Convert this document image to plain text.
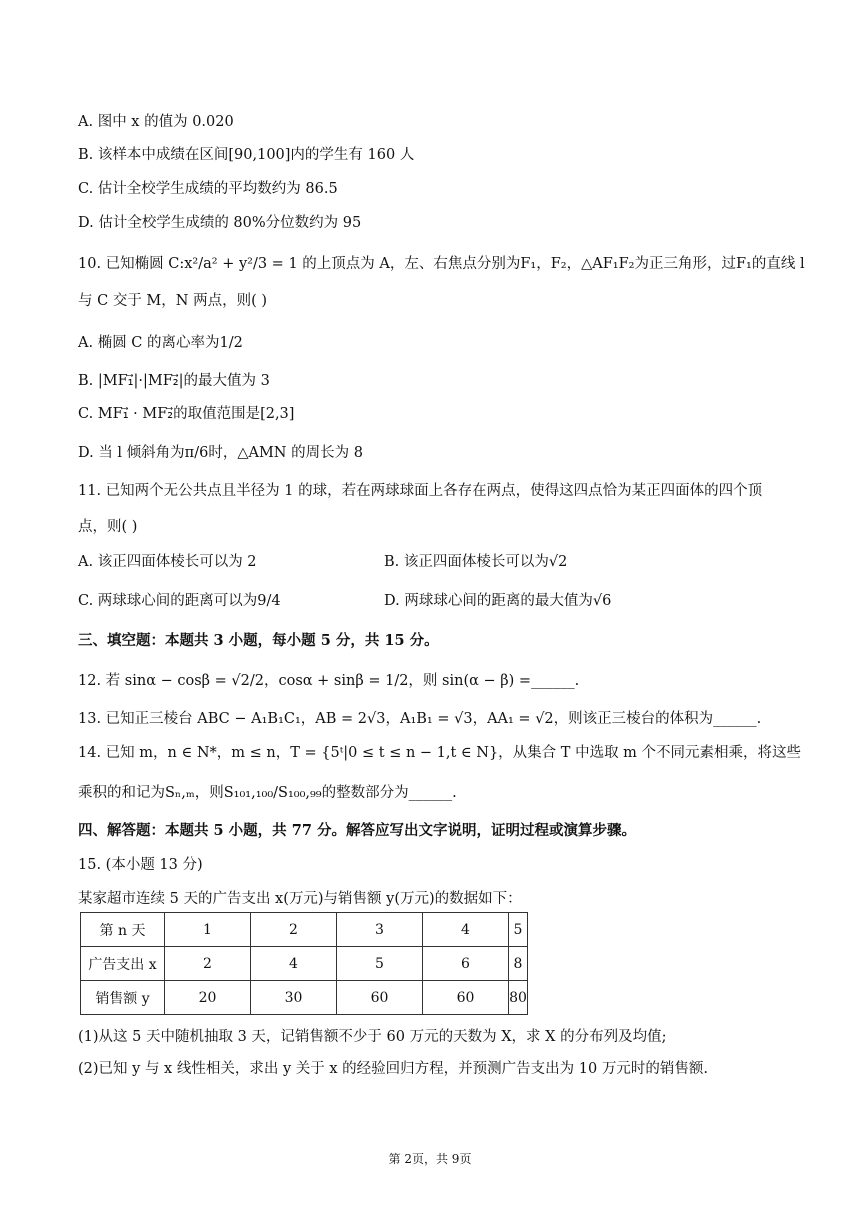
A. 图中 x 的值为 0.020
B. 该样本中成绩在区间[90,100]内的学生有 160 人
C. 估计全校学生成绩的平均数约为 86.5
D. 估计全校学生成绩的 80%分位数约为 95
10. 已知椭圆 C:x²/a² + y²/3 = 1 的上顶点为 A，左、右焦点分别为F₁，F₂，△AF₁F₂为正三角形，过F₁的直线 l
与 C 交于 M，N 两点，则( )
A. 椭圆 C 的离心率为1/2
B. |MF₁⃗|·|MF₂⃗|的最大值为 3
C. MF₁⃗ · MF₂⃗的取值范围是[2,3]
D. 当 l 倾斜角为π/6时，△AMN 的周长为 8
11. 已知两个无公共点且半径为 1 的球，若在两球球面上各存在两点，使得这四点恰为某正四面体的四个顶
点，则( )
A. 该正四面体棱长可以为 2	B. 该正四面体棱长可以为√2
C. 两球球心间的距离可以为9/4	D. 两球球心间的距离的最大值为√6
三、填空题：本题共 3 小题，每小题 5 分，共 15 分。
12. 若 sinα − cosβ = √2/2，cosα + sinβ = 1/2，则 sin(α − β) =______.
13. 已知正三棱台 ABC − A₁B₁C₁，AB = 2√3，A₁B₁ = √3，AA₁ = √2，则该正三棱台的体积为______.
14. 已知 m，n ∈ N*，m ≤ n，T = {5ᵗ|0 ≤ t ≤ n − 1,t ∈ N}，从集合 T 中选取 m 个不同元素相乘，将这些
乘积的和记为Sₙ,ₘ，则S₁₀₁,₁₀₀/S₁₀₀,₉₉的整数部分为______.
四、解答题：本题共 5 小题，共 77 分。解答应写出文字说明，证明过程或演算步骤。
15. (本小题 13 分)
某家超市连续 5 天的广告支出 x(万元)与销售额 y(万元)的数据如下：
第 n 天	1	2	3	4	5
广告支出 x	2	4	5	6	8
销售额 y	20	30	60	60	80
(1)从这 5 天中随机抽取 3 天，记销售额不少于 60 万元的天数为 X，求 X 的分布列及均值;
(2)已知 y 与 x 线性相关，求出 y 关于 x 的经验回归方程，并预测广告支出为 10 万元时的销售额.
第 2页，共 9页
